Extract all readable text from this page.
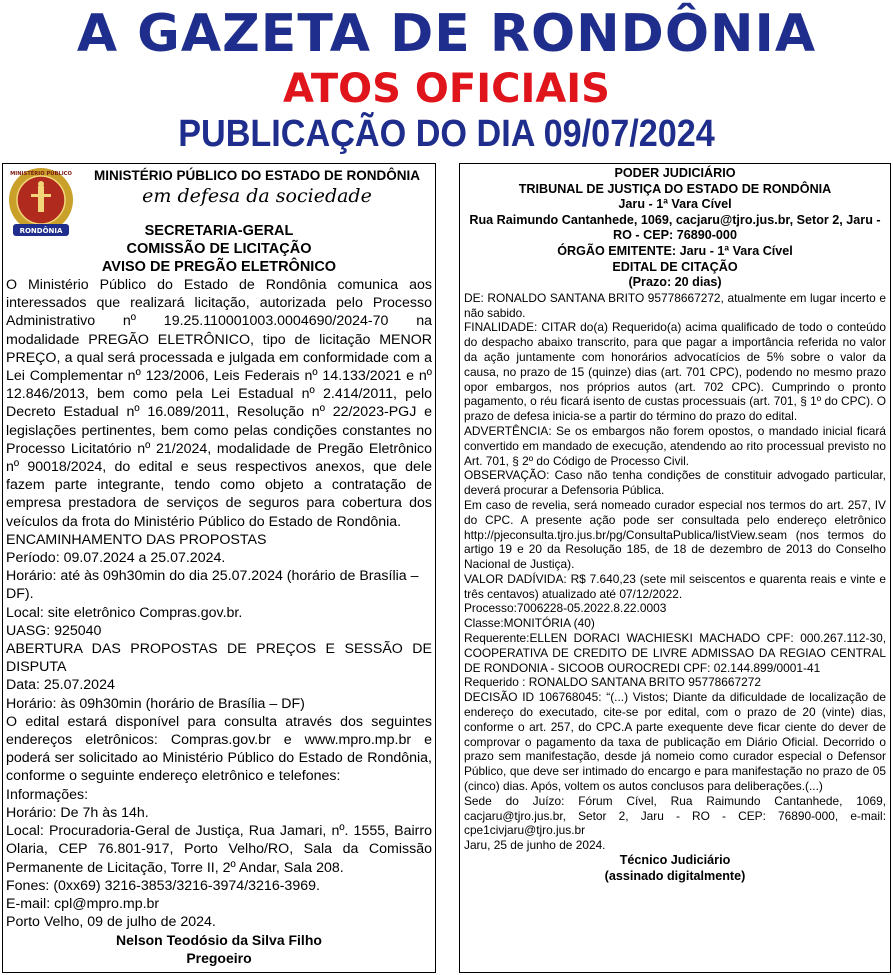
A GAZETA DE RONDÔNIA
ATOS OFICIAIS
PUBLICAÇÃO DO DIA 09/07/2024
RONDÔNIA
MINISTÉRIO PÚBLICO	MINISTÉRIO PÚBLICO DO ESTADO DE RONDÔNIA
em defesa da sociedade
SECRETARIA-GERAL
COMISSÃO DE LICITAÇÃO
AVISO DE PREGÃO ELETRÔNICO

O Ministério Público do Estado de Rondônia comunica aos interessados que realizará licitação, autorizada pelo Processo Administrativo nº 19.25.110001003.0004690/2024-70 na modalidade PREGÃO ELETRÔNICO, tipo de licitação MENOR PREÇO, a qual será processada e julgada em conformidade com a Lei Complementar nº 123/2006, Leis Federais nº 14.133/2021 e nº 12.846/2013, bem como pela Lei Estadual nº 2.414/2011, pelo Decreto Estadual nº 16.089/2011, Resolução nº 22/2023-PGJ e legislações pertinentes, bem como pelas condições constantes no Processo Licitatório nº 21/2024, modalidade de Pregão Eletrônico nº 90018/2024, do edital e seus respectivos anexos, que dele fazem parte integrante, tendo como objeto a contratação de empresa prestadora de serviços de seguros para cobertura dos veículos da frota do Ministério Público do Estado de Rondônia.

ENCAMINHAMENTO DAS PROPOSTAS

Período: 09.07.2024 a 25.07.2024.

Horário: até às 09h30min do dia 25.07.2024 (horário de Brasília – DF).

Local: site eletrônico Compras.gov.br.

UASG: 925040

ABERTURA DAS PROPOSTAS DE PREÇOS E SESSÃO DE DISPUTA

Data: 25.07.2024

Horário: às 09h30min (horário de Brasília – DF)

O edital estará disponível para consulta através dos seguintes endereços eletrônicos: Compras.gov.br e www.mpro.mp.br e poderá ser solicitado ao Ministério Público do Estado de Rondônia, conforme o seguinte endereço eletrônico e telefones:

Informações:

Horário: De 7h às 14h.

Local: Procuradoria-Geral de Justiça, Rua Jamari, nº. 1555, Bairro Olaria, CEP 76.801-917, Porto Velho/RO, Sala da Comissão Permanente de Licitação, Torre II, 2º Andar, Sala 208.

Fones: (0xx69) 3216-3853/3216-3974/3216-3969.

E-mail: cpl@mpro.mp.br

Porto Velho, 09 de julho de 2024.

Nelson Teodósio da Silva Filho
Pregoeiro
PODER JUDICIÁRIO
TRIBUNAL DE JUSTIÇA DO ESTADO DE RONDÔNIA
Jaru - 1ª Vara Cível
Rua Raimundo Cantanhede, 1069, cacjaru@tjro.jus.br, Setor 2, Jaru - RO - CEP: 76890-000
ÓRGÃO EMITENTE: Jaru - 1ª Vara Cível
EDITAL DE CITAÇÃO
(Prazo: 20 dias)

DE: RONALDO SANTANA BRITO 95778667272, atualmente em lugar incerto e não sabido.

FINALIDADE: CITAR do(a) Requerido(a) acima qualificado de todo o conteúdo do despacho abaixo transcrito, para que pagar a importância referida no valor da ação juntamente com honorários advocatícios de 5% sobre o valor da causa, no prazo de 15 (quinze) dias (art. 701 CPC), podendo no mesmo prazo opor embargos, nos próprios autos (art. 702 CPC). Cumprindo o pronto pagamento, o réu ficará isento de custas processuais (art. 701, § 1º do CPC). O prazo de defesa inicia-se a partir do término do prazo do edital.

ADVERTÊNCIA: Se os embargos não forem opostos, o mandado inicial ficará convertido em mandado de execução, atendendo ao rito processual previsto no Art. 701, § 2º do Código de Processo Civil.

OBSERVAÇÃO: Caso não tenha condições de constituir advogado particular, deverá procurar a Defensoria Pública.

Em caso de revelia, será nomeado curador especial nos termos do art. 257, IV do CPC. A presente ação pode ser consultada pelo endereço eletrônico http://pjeconsulta.tjro.jus.br/pg/ConsultaPublica/listView.seam (nos termos do artigo 19 e 20 da Resolução 185, de 18 de dezembro de 2013 do Conselho Nacional de Justiça).

VALOR DADÍVIDA: R$ 7.640,23 (sete mil seiscentos e quarenta reais e vinte e três centavos) atualizado até 07/12/2022.

Processo:7006228-05.2022.8.22.0003

Classe:MONITÓRIA (40)

Requerente:ELLEN DORACI WACHIESKI MACHADO CPF: 000.267.112-30, COOPERATIVA DE CREDITO DE LIVRE ADMISSAO DA REGIAO CENTRAL DE RONDONIA - SICOOB OUROCREDI CPF: 02.144.899/0001-41

Requerido : RONALDO SANTANA BRITO 95778667272

DECISÃO ID 106768045: “(...) Vistos; Diante da dificuldade de localização de endereço do executado, cite-se por edital, com o prazo de 20 (vinte) dias, conforme o art. 257, do CPC.A parte exequente deve ficar ciente do dever de comprovar o pagamento da taxa de publicação em Diário Oficial. Decorrido o prazo sem manifestação, desde já nomeio como curador especial o Defensor Público, que deve ser intimado do encargo e para manifestação no prazo de 05 (cinco) dias. Após, voltem os autos conclusos para deliberações.(...)

Sede do Juízo: Fórum Cível, Rua Raimundo Cantanhede, 1069, cacjaru@tjro.jus.br, Setor 2, Jaru - RO - CEP: 76890-000, e-mail: cpe1civjaru@tjro.jus.br

Jaru, 25 de junho de 2024.

Técnico Judiciário
(assinado digitalmente)
